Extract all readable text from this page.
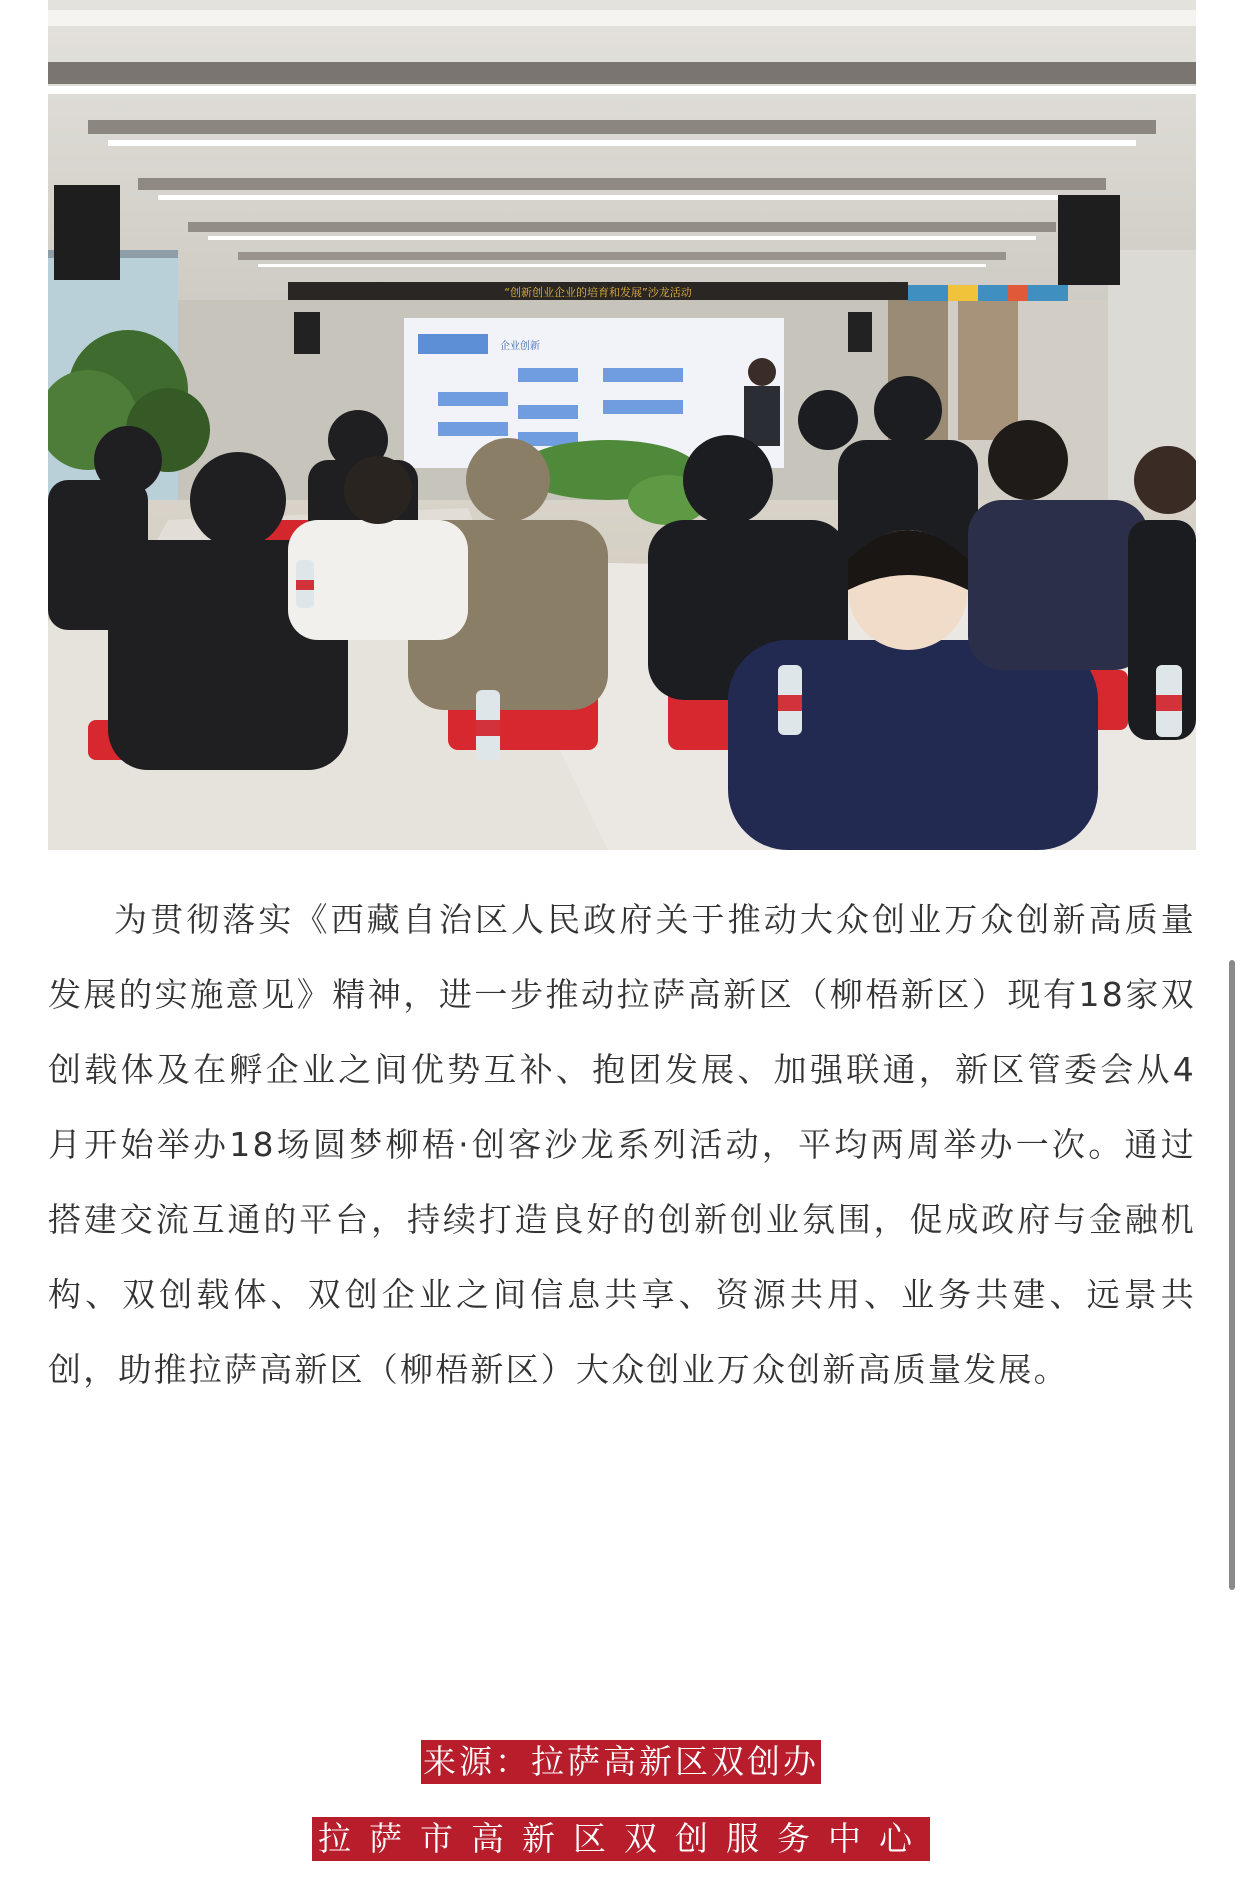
“创新创业企业的培育和发展”沙龙活动
企业创新

为贯彻落实《西藏自治区人民政府关于推动大众创业万众创新高质量发展的实施意见》精神，进一步推动拉萨高新区（柳梧新区）现有18家双创载体及在孵企业之间优势互补、抱团发展、加强联通，新区管委会从4月开始举办18场圆梦柳梧·创客沙龙系列活动，平均两周举办一次。通过搭建交流互通的平台，持续打造良好的创新创业氛围，促成政府与金融机构、双创载体、双创企业之间信息共享、资源共用、业务共建、远景共创，助推拉萨高新区（柳梧新区）大众创业万众创新高质量发展。

来源：拉萨高新区双创办
拉萨市高新区双创服务中心
